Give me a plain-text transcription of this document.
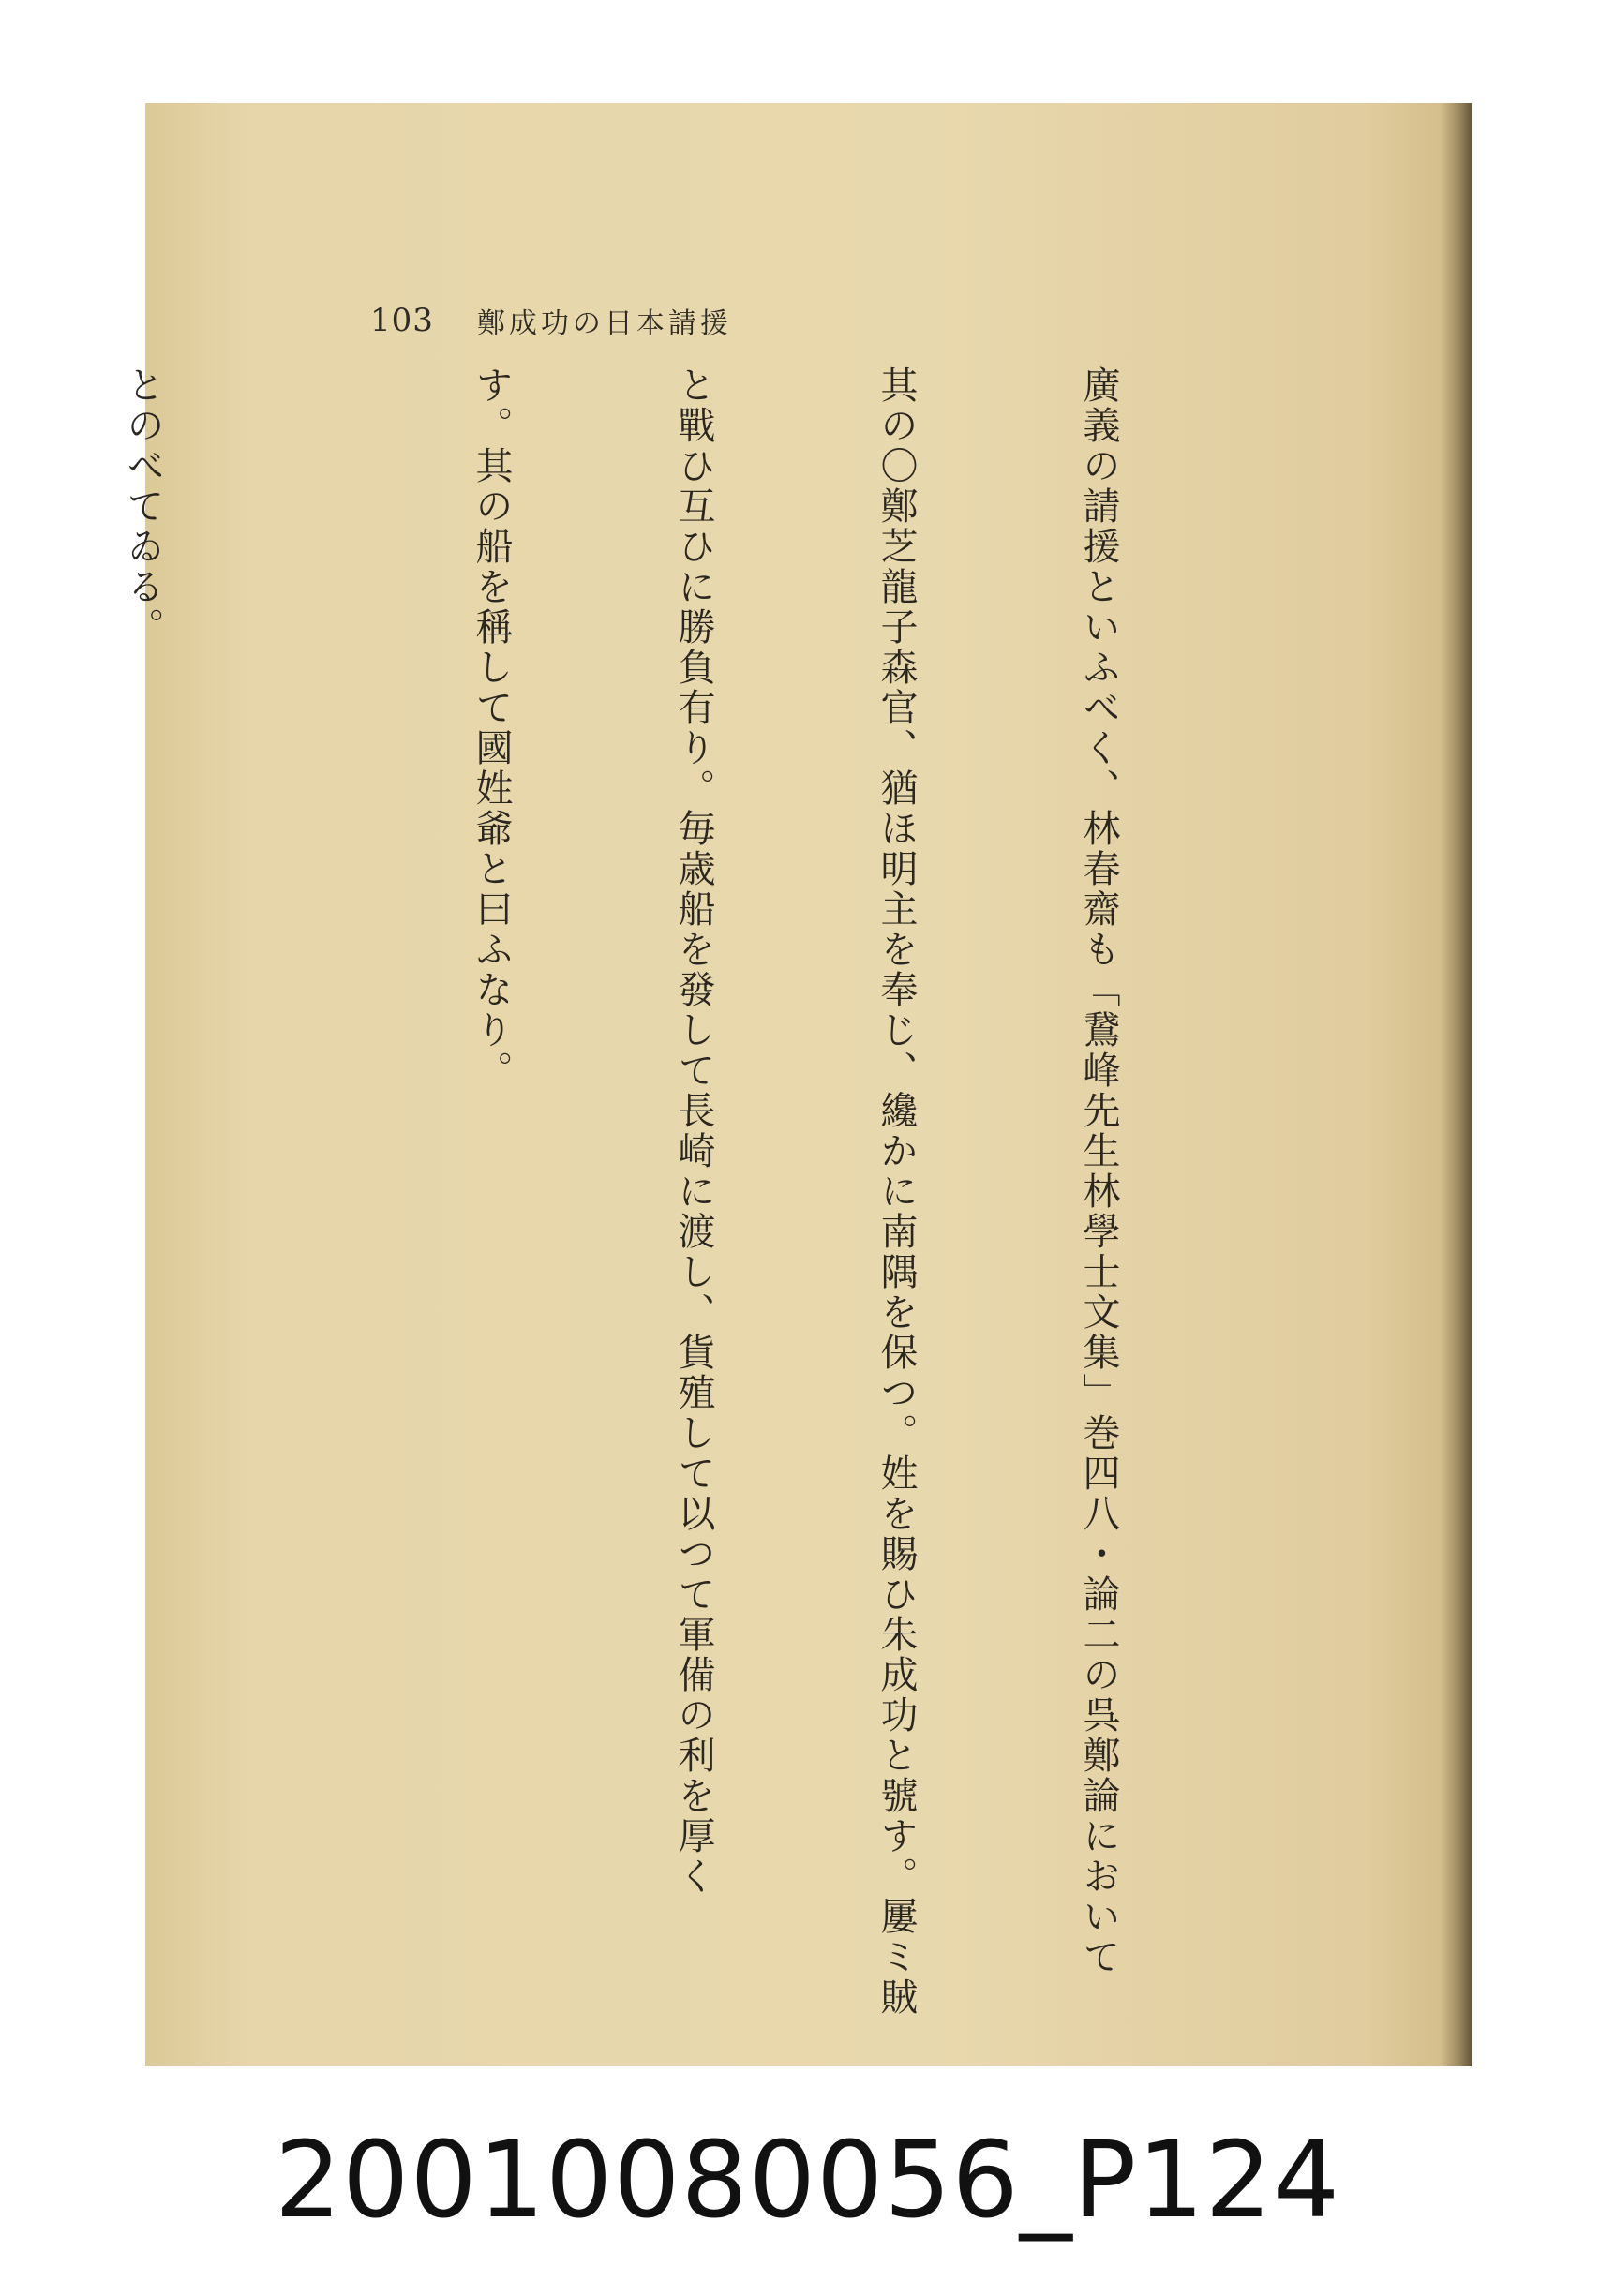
103 鄭成功の日本請援

廣義の請援といふべく、林春齋も「鵞峰先生林學士文集」巻四八・論二の呉鄭論において

其の〇鄭芝龍子森官、猶ほ明主を奉じ、纔かに南隅を保つ。姓を賜ひ朱成功と號す。屢ミ賊

と戰ひ互ひに勝負有り。毎歳船を發して長崎に渡し、貨殖して以つて軍備の利を厚く

す。其の船を稱して國姓爺と曰ふなり。

とのべてゐる。

20010080056_P124
